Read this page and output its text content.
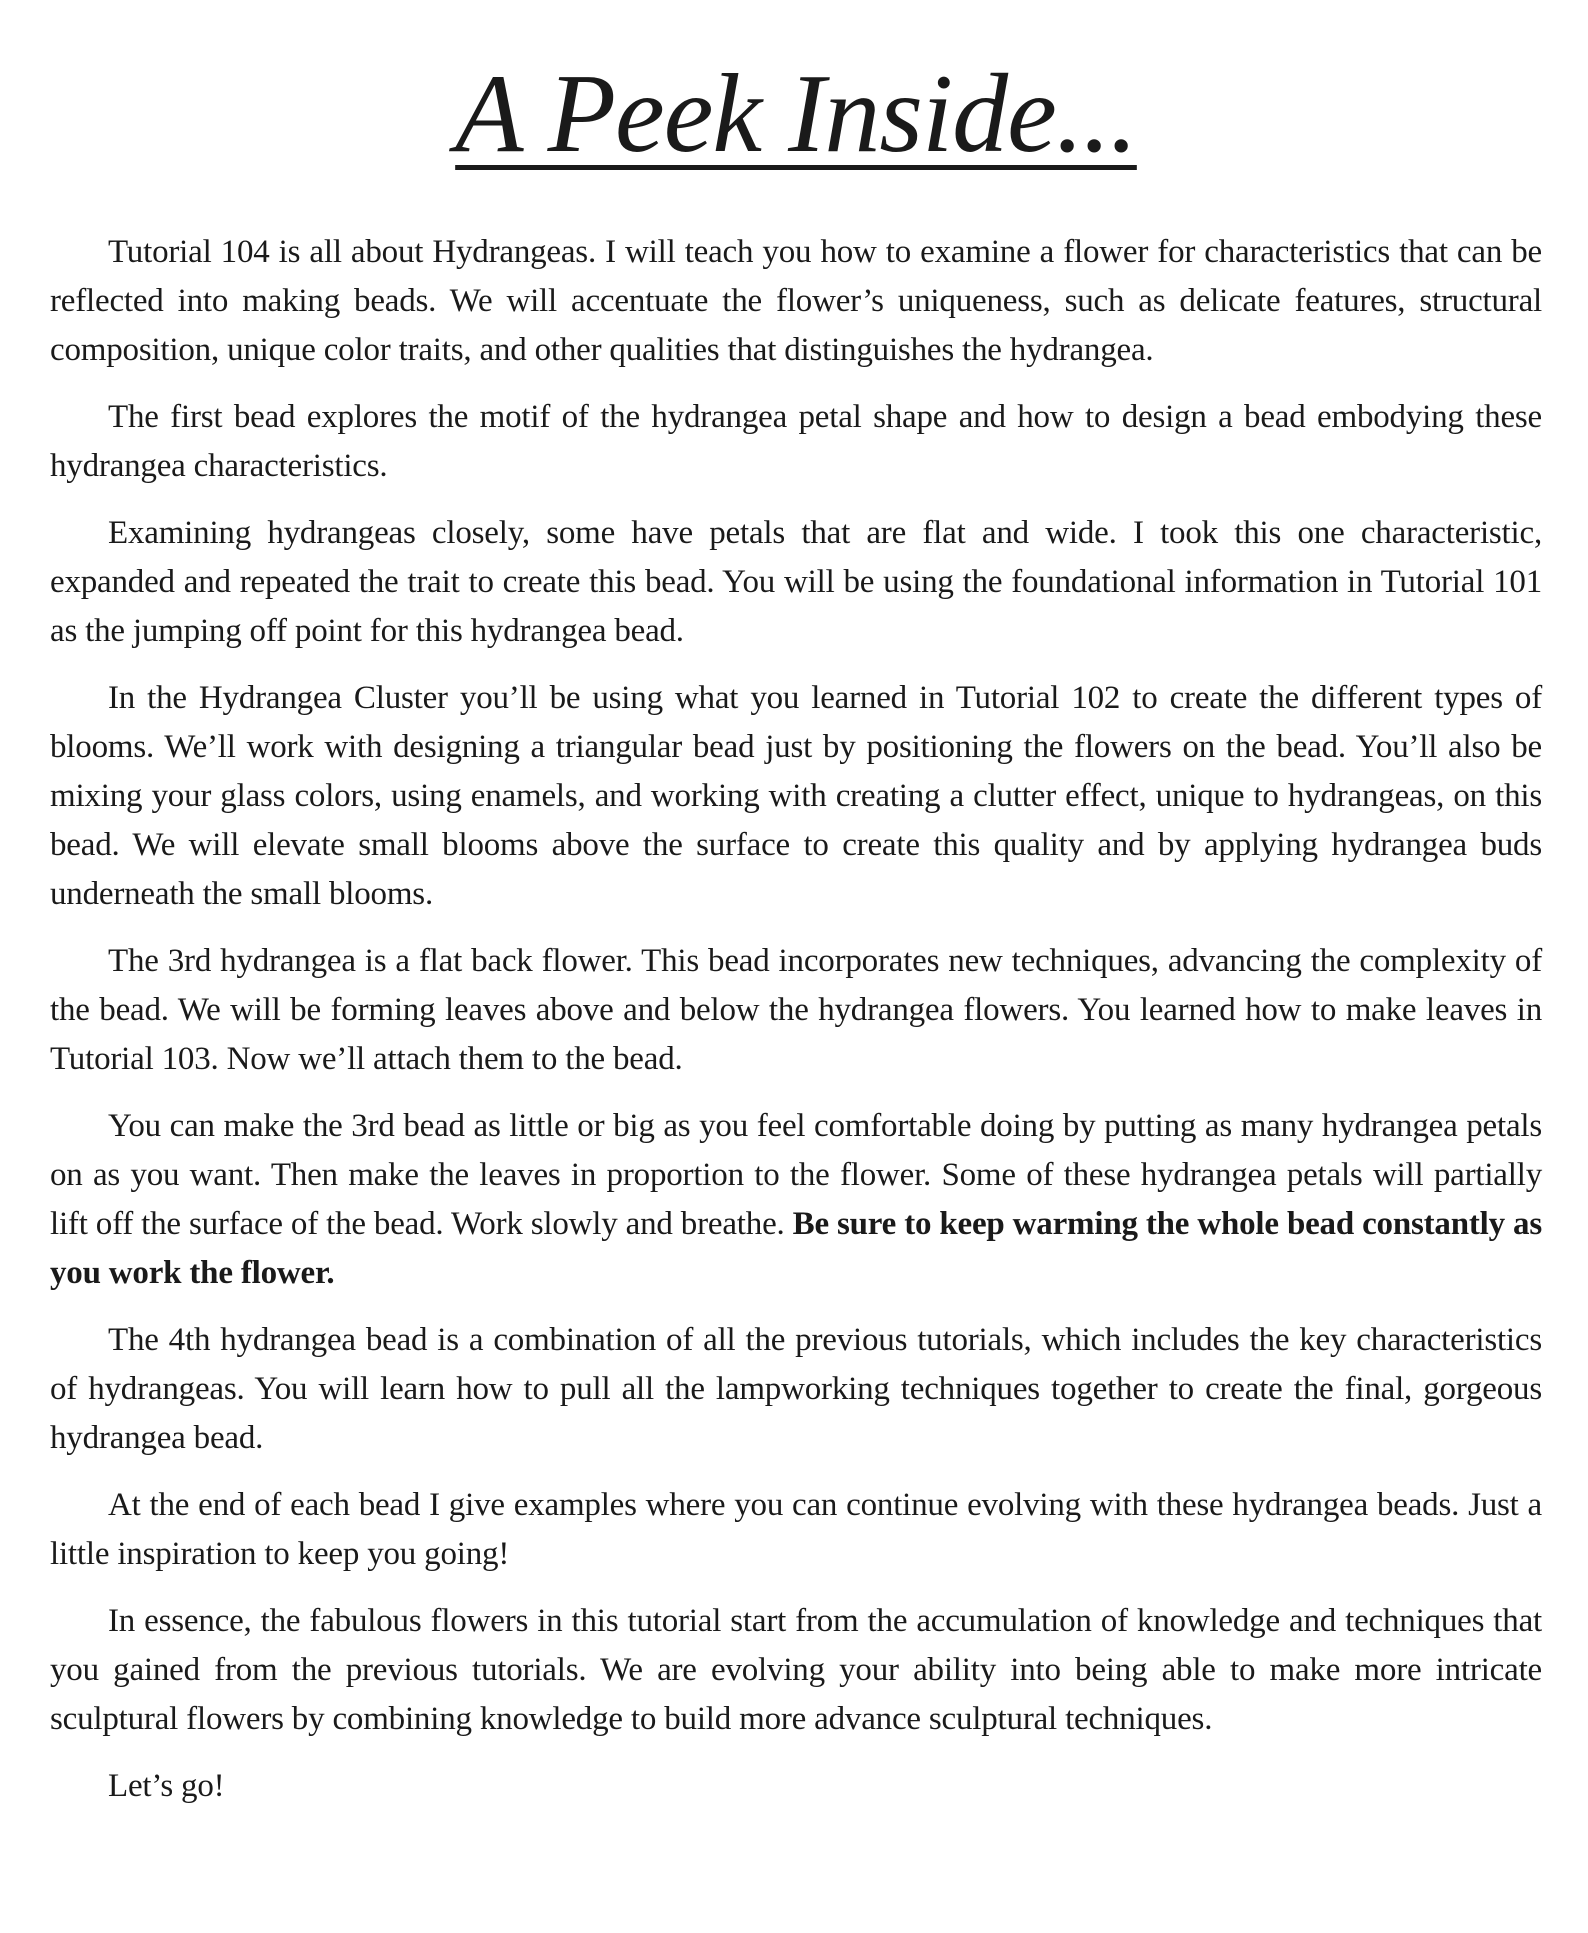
A Peek Inside...

Tutorial 104 is all about Hydrangeas. I will teach you how to examine a flower for characteristics that can be reflected into making beads. We will accentuate the flower’s uniqueness, such as delicate features, structural composition, unique color traits, and other qualities that distinguishes the hydrangea.

The first bead explores the motif of the hydrangea petal shape and how to design a bead embodying these hydrangea characteristics.

Examining hydrangeas closely, some have petals that are flat and wide. I took this one characteristic, expanded and repeated the trait to create this bead. You will be using the foundational information in Tutorial 101 as the jumping off point for this hydrangea bead.

In the Hydrangea Cluster you’ll be using what you learned in Tutorial 102 to create the different types of blooms. We’ll work with designing a triangular bead just by positioning the flowers on the bead. You’ll also be mixing your glass colors, using enamels, and working with creating a clutter effect, unique to hydrangeas, on this bead. We will elevate small blooms above the surface to create this quality and by applying hydrangea buds underneath the small blooms.

The 3rd hydrangea is a flat back flower. This bead incorporates new techniques, advancing the complexity of the bead. We will be forming leaves above and below the hydrangea flowers. You learned how to make leaves in Tutorial 103. Now we’ll attach them to the bead.

You can make the 3rd bead as little or big as you feel comfortable doing by putting as many hydrangea petals on as you want. Then make the leaves in proportion to the flower. Some of these hydrangea petals will partially lift off the surface of the bead. Work slowly and breathe. Be sure to keep warming the whole bead constantly as you work the flower.

The 4th hydrangea bead is a combination of all the previous tutorials, which includes the key characteristics of hydrangeas. You will learn how to pull all the lampworking techniques together to create the final, gorgeous hydrangea bead.

At the end of each bead I give examples where you can continue evolving with these hydrangea beads. Just a little inspiration to keep you going!

In essence, the fabulous flowers in this tutorial start from the accumulation of knowledge and techniques that you gained from the previous tutorials. We are evolving your ability into being able to make more intricate sculptural flowers by combining knowledge to build more advance sculptural techniques.

Let’s go!
